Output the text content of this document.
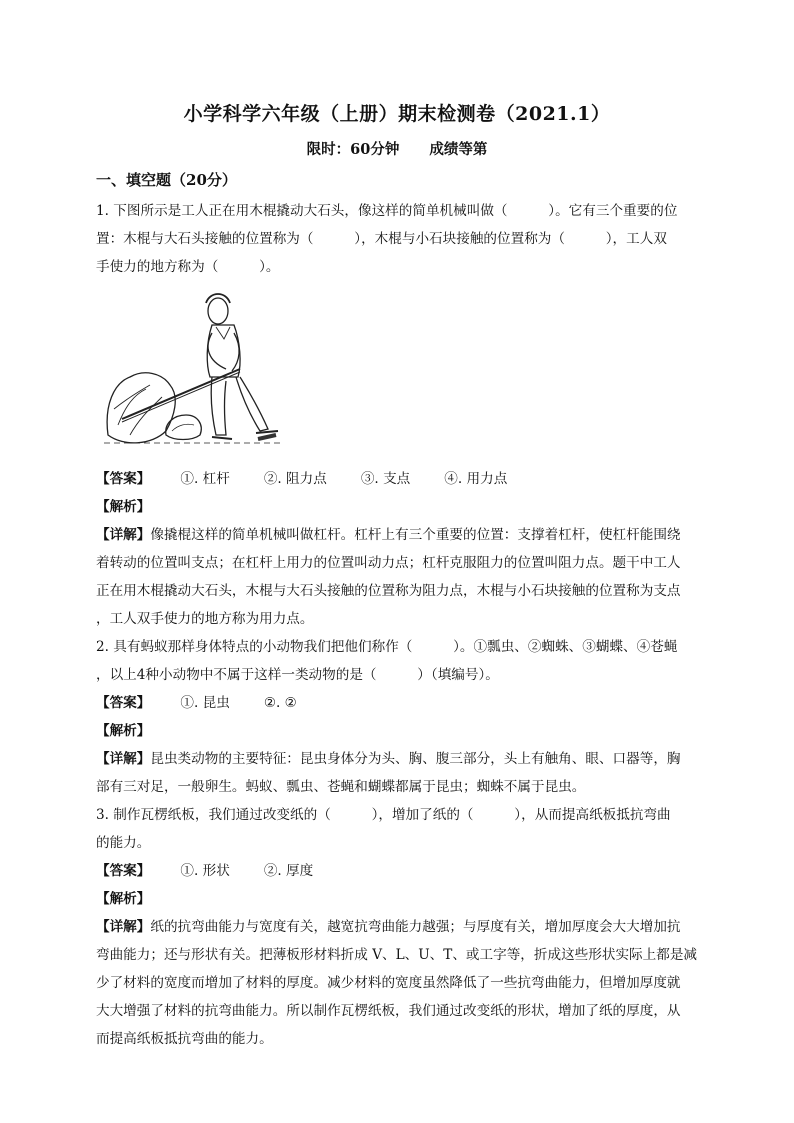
小学科学六年级（上册）期末检测卷（2021.1）
限时：60分钟 成绩等第
一、填空题（20分）

1. 下图所示是工人正在用木棍撬动大石头，像这样的简单机械叫做（　　　）。它有三个重要的位

置：木棍与大石头接触的位置称为（　　　），木棍与小石块接触的位置称为（　　　），工人双

手使力的地方称为（　　　）。

【答案】 ①. 杠杆	②. 阻力点	③. 支点	④. 用力点

【解析】

【详解】像撬棍这样的简单机械叫做杠杆。杠杆上有三个重要的位置：支撑着杠杆，使杠杆能围绕

着转动的位置叫支点；在杠杆上用力的位置叫动力点；杠杆克服阻力的位置叫阻力点。题干中工人

正在用木棍撬动大石头，木棍与大石头接触的位置称为阻力点，木棍与小石块接触的位置称为支点

，工人双手使力的地方称为用力点。

2. 具有蚂蚁那样身体特点的小动物我们把他们称作（　　　）。①瓢虫、②蜘蛛、③蝴蝶、④苍蝇

，以上4种小动物中不属于这样一类动物的是（　　　）（填编号）。

【答案】 ①. 昆虫	②. ②

【解析】

【详解】昆虫类动物的主要特征：昆虫身体分为头、胸、腹三部分，头上有触角、眼、口器等，胸

部有三对足，一般卵生。蚂蚁、瓢虫、苍蝇和蝴蝶都属于昆虫；蜘蛛不属于昆虫。

3. 制作瓦楞纸板，我们通过改变纸的（　　　），增加了纸的（　　　），从而提高纸板抵抗弯曲

的能力。

【答案】 ①. 形状	②. 厚度

【解析】

【详解】纸的抗弯曲能力与宽度有关，越宽抗弯曲能力越强；与厚度有关，增加厚度会大大增加抗

弯曲能力；还与形状有关。把薄板形材料折成 V、L、U、T、或工字等，折成这些形状实际上都是减

少了材料的宽度而增加了材料的厚度。减少材料的宽度虽然降低了一些抗弯曲能力，但增加厚度就

大大增强了材料的抗弯曲能力。所以制作瓦楞纸板，我们通过改变纸的形状，增加了纸的厚度，从

而提高纸板抵抗弯曲的能力。
